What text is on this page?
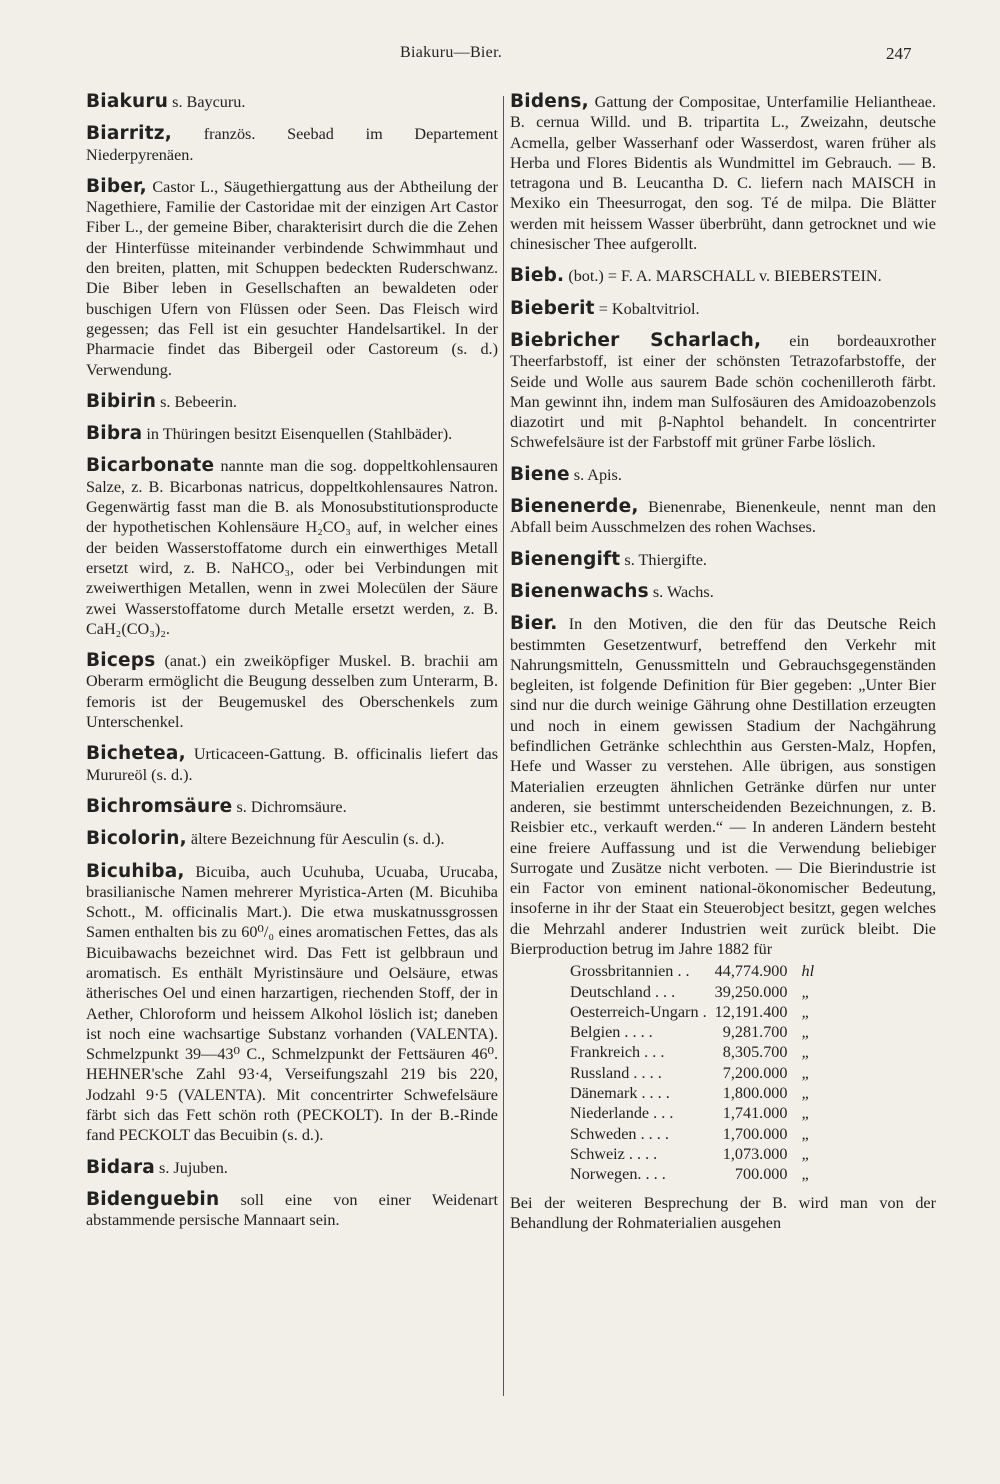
Biakuru—Bier.	247

Biakuru s. Baycuru.

Biarritz, französ. Seebad im Departement Niederpyrenäen.

Biber, Castor L., Säugethiergattung aus der Abtheilung der Nagethiere, Familie der Castoridae mit der einzigen Art Castor Fiber L., der gemeine Biber, charakterisirt durch die die Zehen der Hinterfüsse miteinander verbindende Schwimmhaut und den breiten, platten, mit Schuppen bedeckten Ruderschwanz. Die Biber leben in Gesellschaften an bewaldeten oder buschigen Ufern von Flüssen oder Seen. Das Fleisch wird gegessen; das Fell ist ein gesuchter Handelsartikel. In der Pharmacie findet das Bibergeil oder Castoreum (s. d.) Verwendung.

Bibirin s. Bebeerin.

Bibra in Thüringen besitzt Eisenquellen (Stahlbäder).

Bicarbonate nannte man die sog. doppeltkohlensauren Salze, z. B. Bicarbonas natricus, doppeltkohlensaures Natron. Gegenwärtig fasst man die B. als Monosubstitutionsproducte der hypothetischen Kohlensäure H₂CO₃ auf, in welcher eines der beiden Wasserstoffatome durch ein einwerthiges Metall ersetzt wird, z. B. NaHCO₃, oder bei Verbindungen mit zweiwerthigen Metallen, wenn in zwei Molecülen der Säure zwei Wasserstoffatome durch Metalle ersetzt werden, z. B. CaH₂(CO₃)₂.

Biceps (anat.) ein zweiköpfiger Muskel. B. brachii am Oberarm ermöglicht die Beugung desselben zum Unterarm, B. femoris ist der Beugemuskel des Oberschenkels zum Unterschenkel.

Bichetea, Urticaceen-Gattung. B. officinalis liefert das Murureöl (s. d.).

Bichromsäure s. Dichromsäure.

Bicolorin, ältere Bezeichnung für Aesculin (s. d.).

Bicuhiba, Bicuiba, auch Ucuhuba, Ucuaba, Urucaba, brasilianische Namen mehrerer Myristica-Arten (M. Bicuhiba Schott., M. officinalis Mart.). Die etwa muskatnussgrossen Samen enthalten bis zu 60⁰/₀ eines aromatischen Fettes, das als Bicuibawachs bezeichnet wird. Das Fett ist gelbbraun und aromatisch. Es enthält Myristinsäure und Oelsäure, etwas ätherisches Oel und einen harzartigen, riechenden Stoff, der in Aether, Chloroform und heissem Alkohol löslich ist; daneben ist noch eine wachsartige Substanz vorhanden (VALENTA). Schmelzpunkt 39—43⁰ C., Schmelzpunkt der Fettsäuren 46⁰. HEHNER'sche Zahl 93·4, Verseifungszahl 219 bis 220, Jodzahl 9·5 (VALENTA). Mit concentrirter Schwefelsäure färbt sich das Fett schön roth (PECKOLT). In der B.-Rinde fand PECKOLT das Becuibin (s. d.).

Bidara s. Jujuben.

Bidenguebin soll eine von einer Weidenart abstammende persische Mannaart sein.

Bidens, Gattung der Compositae, Unterfamilie Heliantheae. B. cernua Willd. und B. tripartita L., Zweizahn, deutsche Acmella, gelber Wasserhanf oder Wasserdost, waren früher als Herba und Flores Bidentis als Wundmittel im Gebrauch. — B. tetragona und B. Leucantha D. C. liefern nach MAISCH in Mexiko ein Theesurrogat, den sog. Té de milpa. Die Blätter werden mit heissem Wasser überbrüht, dann getrocknet und wie chinesischer Thee aufgerollt.

Bieb. (bot.) = F. A. MARSCHALL v. BIEBERSTEIN.

Bieberit = Kobaltvitriol.

Biebricher Scharlach, ein bordeauxrother Theerfarbstoff, ist einer der schönsten Tetrazofarbstoffe, der Seide und Wolle aus saurem Bade schön cochenilleroth färbt. Man gewinnt ihn, indem man Sulfosäuren des Amidoazobenzols diazotirt und mit β-Naphtol behandelt. In concentrirter Schwefelsäure ist der Farbstoff mit grüner Farbe löslich.

Biene s. Apis.

Bienenerde, Bienenrabe, Bienenkeule, nennt man den Abfall beim Ausschmelzen des rohen Wachses.

Bienengift s. Thiergifte.

Bienenwachs s. Wachs.

Bier. In den Motiven, die den für das Deutsche Reich bestimmten Gesetzentwurf, betreffend den Verkehr mit Nahrungsmitteln, Genussmitteln und Gebrauchsgegenständen begleiten, ist folgende Definition für Bier gegeben: „Unter Bier sind nur die durch weinige Gährung ohne Destillation erzeugten und noch in einem gewissen Stadium der Nachgährung befindlichen Getränke schlechthin aus Gersten-Malz, Hopfen, Hefe und Wasser zu verstehen. Alle übrigen, aus sonstigen Materialien erzeugten ähnlichen Getränke dürfen nur unter anderen, sie bestimmt unterscheidenden Bezeichnungen, z. B. Reisbier etc., verkauft werden.“ — In anderen Ländern besteht eine freiere Auffassung und ist die Verwendung beliebiger Surrogate und Zusätze nicht verboten. — Die Bierindustrie ist ein Factor von eminent national-ökonomischer Bedeutung, insoferne in ihr der Staat ein Steuerobject besitzt, gegen welches die Mehrzahl anderer Industrien weit zurück bleibt. Die Bierproduction betrug im Jahre 1882 für

Grossbritannien . .	44,774.900	hl
Deutschland . . .	39,250.000	„
Oesterreich-Ungarn .	12,191.400	„
Belgien . . . .	9,281.700	„
Frankreich . . .	8,305.700	„
Russland . . . .	7,200.000	„
Dänemark . . . .	1,800.000	„
Niederlande . . .	1,741.000	„
Schweden . . . .	1,700.000	„
Schweiz . . . .	1,073.000	„
Norwegen. . . .	700.000	„

Bei der weiteren Besprechung der B. wird man von der Behandlung der Rohmaterialien ausgehen
